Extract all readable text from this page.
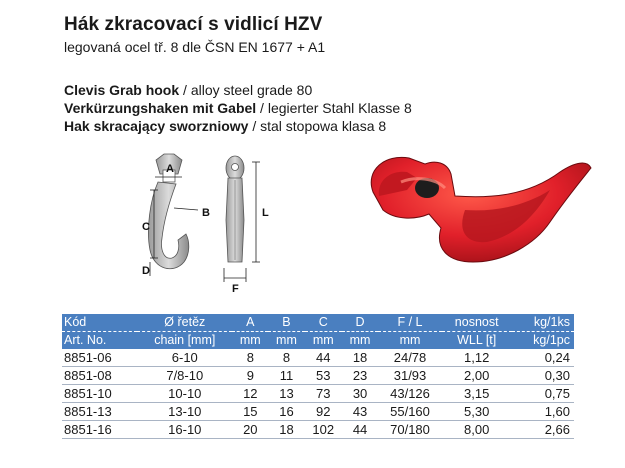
Hák zkracovací s vidlicí HZV
legovaná ocel tř. 8 dle ČSN EN 1677 + A1
Clevis Grab hook / alloy steel grade 80
Verkürzungshaken mit Gabel / legierter Stahl Klasse 8
Hak skracający sworzniowy / stal stopowa klasa 8
A
B
C
D
L
F
Kód	Ø řetěz	A	B	C	D	F / L	nosnost	kg/1ks
Art. No.	chain [mm]	mm	mm	mm	mm	mm	WLL [t]	kg/1pc
8851-06	6-10	8	8	44	18	24/78	1,12	0,24
8851-08	7/8-10	9	11	53	23	31/93	2,00	0,30
8851-10	10-10	12	13	73	30	43/126	3,15	0,75
8851-13	13-10	15	16	92	43	55/160	5,30	1,60
8851-16	16-10	20	18	102	44	70/180	8,00	2,66
